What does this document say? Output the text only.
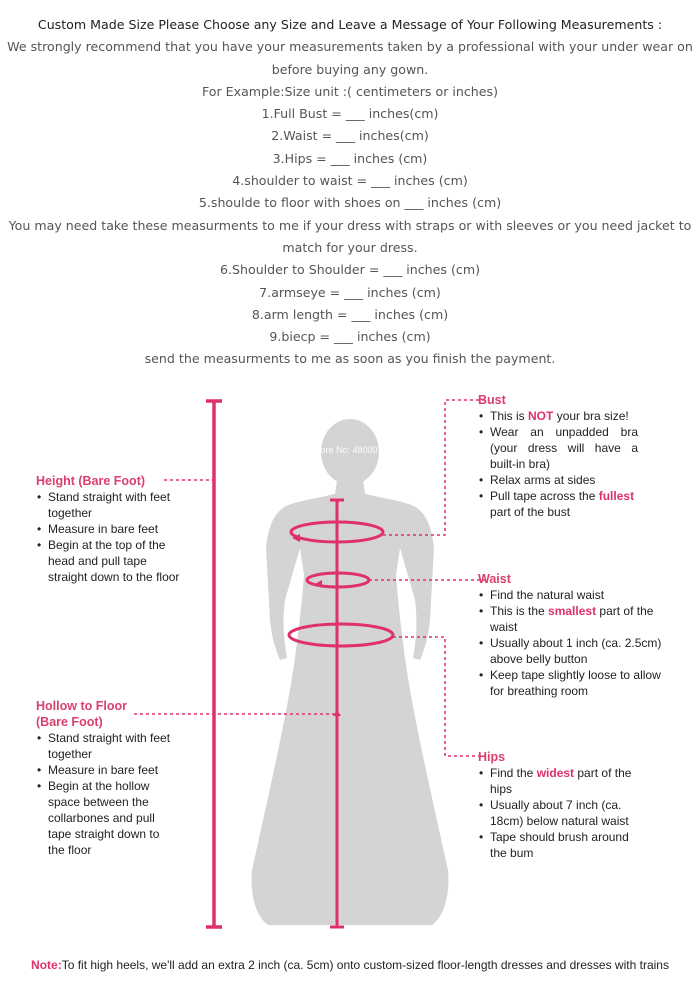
Custom Made Size Please Choose any Size and Leave a Message of Your Following Measurements :
We strongly recommend that you have your measurements taken by a professional with your under wear on
before buying any gown.
For Example:Size unit :( centimeters or inches)
1.Full Bust = ___ inches(cm)
2.Waist = ___ inches(cm)
3.Hips = ___ inches (cm)
4.shoulder to waist = ___ inches (cm)
5.shoulde to floor with shoes on ___ inches (cm)
You may need take these measurments to me if your dress with straps or with sleeves or you need jacket to
match for your dress.
6.Shoulder to Shoulder = ___ inches (cm)
7.armseye = ___ inches (cm)
8.arm length = ___ inches (cm)
9.biecp = ___ inches (cm)
send the measurments to me as soon as you finish the payment.
Store No: 4800032
Bust
• This is NOT your bra size!
• Wear an unpadded bra (your dress will have a built-in bra)
• Relax arms at sides
• Pull tape across the fullest part of the bust
Waist
• Find the natural waist
• This is the smallest part of the waist
• Usually about 1 inch (ca. 2.5cm) above belly button
• Keep tape slightly loose to allow for breathing room
Hips
• Find the widest part of the hips
• Usually about 7 inch (ca. 18cm) below natural waist
• Tape should brush around the bum
Height (Bare Foot)
• Stand straight with feet together
• Measure in bare feet
• Begin at the top of the head and pull tape straight down to the floor
Hollow to Floor
(Bare Foot)
• Stand straight with feet together
• Measure in bare feet
• Begin at the hollow space between the collarbones and pull tape straight down to the floor
Note:To fit high heels, we'll add an extra 2 inch (ca. 5cm) onto custom-sized floor-length dresses and dresses with trains
